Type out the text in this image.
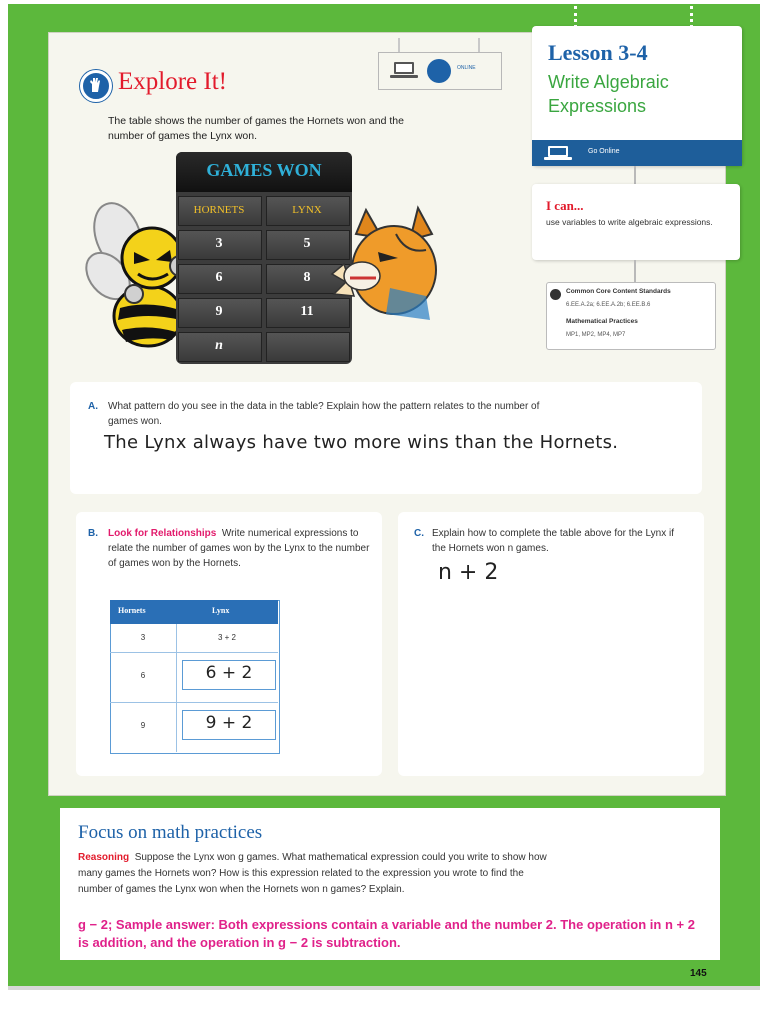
Explore It!
The table shows the number of games the Hornets won and the number of games the Lynx won.
ONLINE
Lesson 3-4
Write Algebraic Expressions
Go Online
I can...
use variables to write algebraic expressions.
Common Core Content Standards
6.EE.A.2a; 6.EE.A.2b; 6.EE.B.6
Mathematical Practices
MP1, MP2, MP4, MP7
GAMES WON
HORNETS	LYNX
3	5
6	8
9	11
n
A. What pattern do you see in the data in the table? Explain how the pattern relates to the number of games won.
The Lynx always have two more wins than the Hornets.
B. Look for Relationships Write numerical expressions to relate the number of games won by the Lynx to the number of games won by the Hornets.
Hornets	Lynx
3	3 + 2
6	6 + 2
9	9 + 2
C. Explain how to complete the table above for the Lynx if the Hornets won n games.
n + 2
Focus on math practices
Reasoning Suppose the Lynx won g games. What mathematical expression could you write to show how many games the Hornets won? How is this expression related to the expression you wrote to find the number of games the Lynx won when the Hornets won n games? Explain.
g − 2; Sample answer: Both expressions contain a variable and the number 2. The operation in n + 2 is addition, and the operation in g − 2 is subtraction.
145
